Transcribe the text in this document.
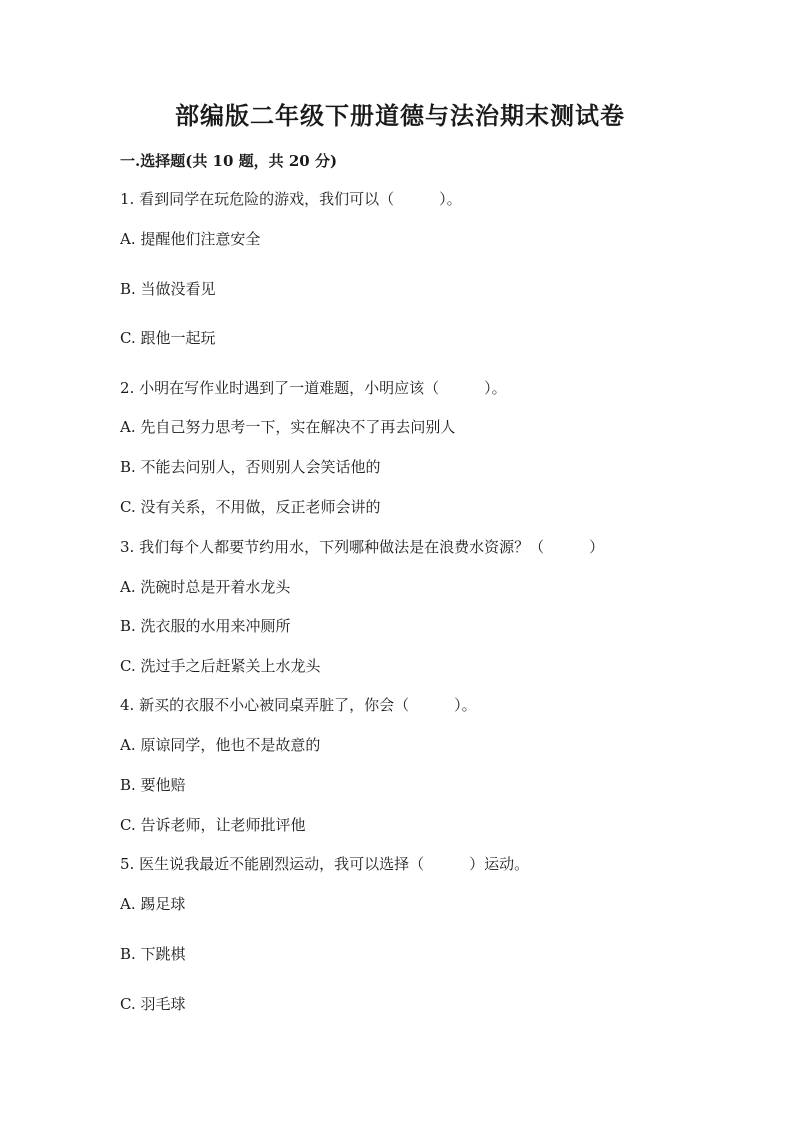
部编版二年级下册道德与法治期末测试卷

一.选择题(共 10 题，共 20 分)

1. 看到同学在玩危险的游戏，我们可以（　　　）。

A. 提醒他们注意安全

B. 当做没看见

C. 跟他一起玩

2. 小明在写作业时遇到了一道难题，小明应该（　　　）。

A. 先自己努力思考一下，实在解决不了再去问别人

B. 不能去问别人，否则别人会笑话他的

C. 没有关系，不用做，反正老师会讲的

3. 我们每个人都要节约用水，下列哪种做法是在浪费水资源？（　　　）

A. 洗碗时总是开着水龙头

B. 洗衣服的水用来冲厕所

C. 洗过手之后赶紧关上水龙头

4. 新买的衣服不小心被同桌弄脏了，你会（　　　）。

A. 原谅同学，他也不是故意的

B. 要他赔

C. 告诉老师，让老师批评他

5. 医生说我最近不能剧烈运动，我可以选择（　　　）运动。

A. 踢足球

B. 下跳棋

C. 羽毛球
